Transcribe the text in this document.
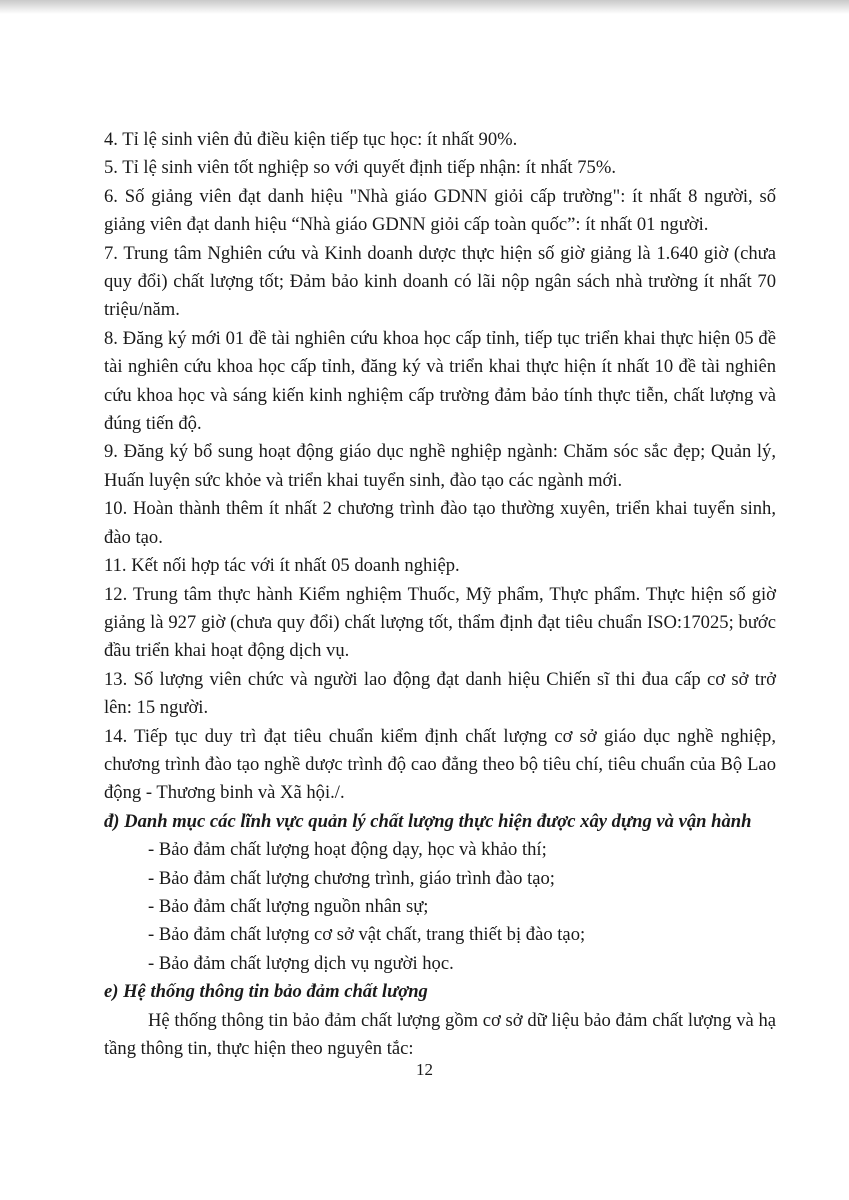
4. Tỉ lệ sinh viên đủ điều kiện tiếp tục học: ít nhất 90%.

5. Tỉ lệ sinh viên tốt nghiệp so với quyết định tiếp nhận: ít nhất 75%.

6. Số giảng viên đạt danh hiệu "Nhà giáo GDNN giỏi cấp trường": ít nhất 8 người, số giảng viên đạt danh hiệu “Nhà giáo GDNN giỏi cấp toàn quốc”: ít nhất 01 người.

7. Trung tâm Nghiên cứu và Kinh doanh dược thực hiện số giờ giảng là 1.640 giờ (chưa quy đổi) chất lượng tốt; Đảm bảo kinh doanh có lãi nộp ngân sách nhà trường ít nhất 70 triệu/năm.

8. Đăng ký mới 01 đề tài nghiên cứu khoa học cấp tỉnh, tiếp tục triển khai thực hiện 05 đề tài nghiên cứu khoa học cấp tỉnh, đăng ký và triển khai thực hiện ít nhất 10 đề tài nghiên cứu khoa học và sáng kiến kinh nghiệm cấp trường đảm bảo tính thực tiễn, chất lượng và đúng tiến độ.

9. Đăng ký bổ sung hoạt động giáo dục nghề nghiệp ngành: Chăm sóc sắc đẹp; Quản lý, Huấn luyện sức khỏe và triển khai tuyển sinh, đào tạo các ngành mới.

10. Hoàn thành thêm ít nhất 2 chương trình đào tạo thường xuyên, triển khai tuyển sinh, đào tạo.

11. Kết nối hợp tác với ít nhất 05 doanh nghiệp.

12. Trung tâm thực hành Kiểm nghiệm Thuốc, Mỹ phẩm, Thực phẩm. Thực hiện số giờ giảng là 927 giờ (chưa quy đổi) chất lượng tốt, thẩm định đạt tiêu chuẩn ISO:17025; bước đầu triển khai hoạt động dịch vụ.

13. Số lượng viên chức và người lao động đạt danh hiệu Chiến sĩ thi đua cấp cơ sở trở lên: 15 người.

14. Tiếp tục duy trì đạt tiêu chuẩn kiểm định chất lượng cơ sở giáo dục nghề nghiệp, chương trình đào tạo nghề dược trình độ cao đẳng theo bộ tiêu chí, tiêu chuẩn của Bộ Lao động - Thương binh và Xã hội./.

đ) Danh mục các lĩnh vực quản lý chất lượng thực hiện được xây dựng và vận hành

- Bảo đảm chất lượng hoạt động dạy, học và khảo thí;

- Bảo đảm chất lượng chương trình, giáo trình đào tạo;

- Bảo đảm chất lượng nguồn nhân sự;

- Bảo đảm chất lượng cơ sở vật chất, trang thiết bị đào tạo;

- Bảo đảm chất lượng dịch vụ người học.

e) Hệ thống thông tin bảo đảm chất lượng

Hệ thống thông tin bảo đảm chất lượng gồm cơ sở dữ liệu bảo đảm chất lượng và hạ tầng thông tin, thực hiện theo nguyên tắc:

12
